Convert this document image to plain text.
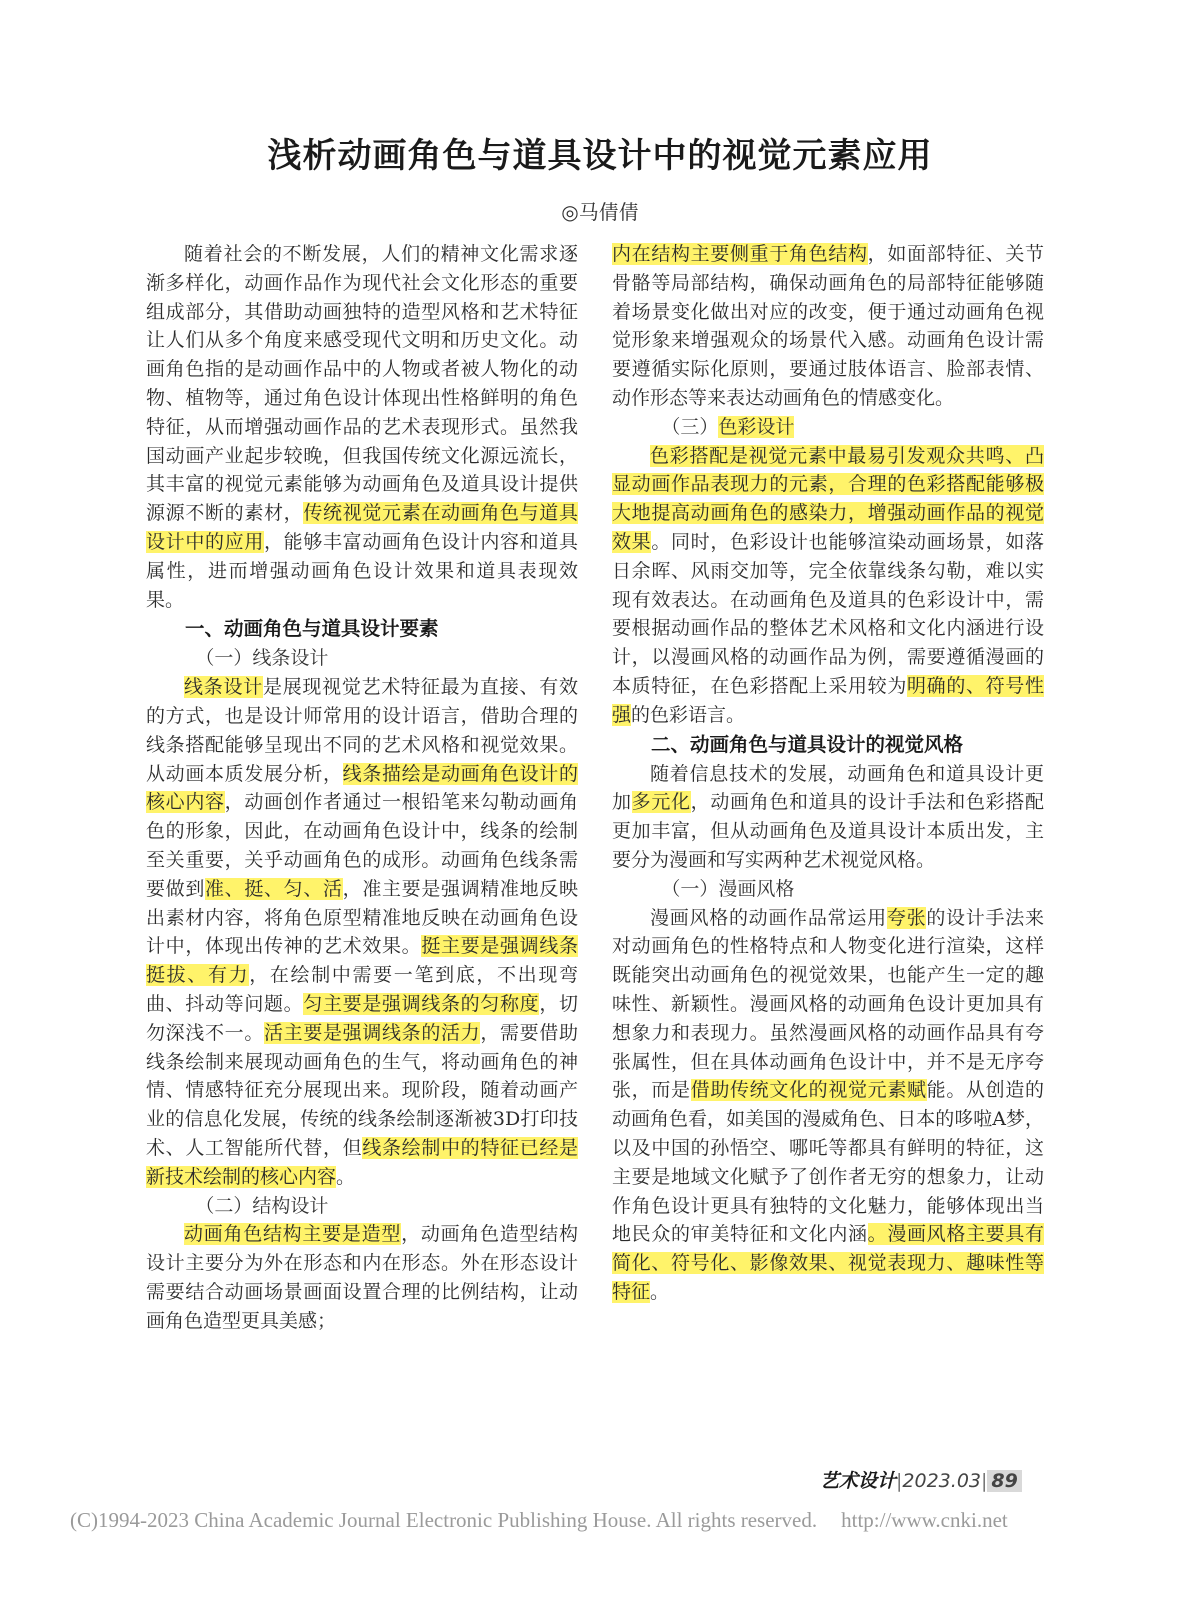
浅析动画角色与道具设计中的视觉元素应用
◎马倩倩

随着社会的不断发展，人们的精神文化需求逐渐多样化，动画作品作为现代社会文化形态的重要组成部分，其借助动画独特的造型风格和艺术特征让人们从多个角度来感受现代文明和历史文化。动画角色指的是动画作品中的人物或者被人物化的动物、植物等，通过角色设计体现出性格鲜明的角色特征，从而增强动画作品的艺术表现形式。虽然我国动画产业起步较晚，但我国传统文化源远流长，其丰富的视觉元素能够为动画角色及道具设计提供源源不断的素材，传统视觉元素在动画角色与道具设计中的应用，能够丰富动画角色设计内容和道具属性，进而增强动画角色设计效果和道具表现效果。

一、动画角色与道具设计要素
（一）线条设计

线条设计是展现视觉艺术特征最为直接、有效的方式，也是设计师常用的设计语言，借助合理的线条搭配能够呈现出不同的艺术风格和视觉效果。从动画本质发展分析，线条描绘是动画角色设计的核心内容，动画创作者通过一根铅笔来勾勒动画角色的形象，因此，在动画角色设计中，线条的绘制至关重要，关乎动画角色的成形。动画角色线条需要做到准、挺、匀、活，准主要是强调精准地反映出素材内容，将角色原型精准地反映在动画角色设计中，体现出传神的艺术效果。挺主要是强调线条挺拔、有力，在绘制中需要一笔到底，不出现弯曲、抖动等问题。匀主要是强调线条的匀称度，切勿深浅不一。活主要是强调线条的活力，需要借助线条绘制来展现动画角色的生气，将动画角色的神情、情感特征充分展现出来。现阶段，随着动画产业的信息化发展，传统的线条绘制逐渐被3D打印技术、人工智能所代替，但线条绘制中的特征已经是新技术绘制的核心内容。

（二）结构设计

动画角色结构主要是造型，动画角色造型结构设计主要分为外在形态和内在形态。外在形态设计需要结合动画场景画面设置合理的比例结构，让动画角色造型更具美感；

内在结构主要侧重于角色结构，如面部特征、关节骨骼等局部结构，确保动画角色的局部特征能够随着场景变化做出对应的改变，便于通过动画角色视觉形象来增强观众的场景代入感。动画角色设计需要遵循实际化原则，要通过肢体语言、脸部表情、动作形态等来表达动画角色的情感变化。

（三）色彩设计

色彩搭配是视觉元素中最易引发观众共鸣、凸显动画作品表现力的元素，合理的色彩搭配能够极大地提高动画角色的感染力，增强动画作品的视觉效果。同时，色彩设计也能够渲染动画场景，如落日余晖、风雨交加等，完全依靠线条勾勒，难以实现有效表达。在动画角色及道具的色彩设计中，需要根据动画作品的整体艺术风格和文化内涵进行设计，以漫画风格的动画作品为例，需要遵循漫画的本质特征，在色彩搭配上采用较为明确的、符号性强的色彩语言。

二、动画角色与道具设计的视觉风格

随着信息技术的发展，动画角色和道具设计更加多元化，动画角色和道具的设计手法和色彩搭配更加丰富，但从动画角色及道具设计本质出发，主要分为漫画和写实两种艺术视觉风格。

（一）漫画风格

漫画风格的动画作品常运用夸张的设计手法来对动画角色的性格特点和人物变化进行渲染，这样既能突出动画角色的视觉效果，也能产生一定的趣味性、新颖性。漫画风格的动画角色设计更加具有想象力和表现力。虽然漫画风格的动画作品具有夸张属性，但在具体动画角色设计中，并不是无序夸张，而是借助传统文化的视觉元素赋能。从创造的动画角色看，如美国的漫威角色、日本的哆啦A梦，以及中国的孙悟空、哪吒等都具有鲜明的特征，这主要是地域文化赋予了创作者无穷的想象力，让动作角色设计更具有独特的文化魅力，能够体现出当地民众的审美特征和文化内涵。漫画风格主要具有简化、符号化、影像效果、视觉表现力、趣味性等特征。

艺术设计|2023.03| 89
(C)1994-2023 China Academic Journal Electronic Publishing House. All rights reserved. http://www.cnki.net
